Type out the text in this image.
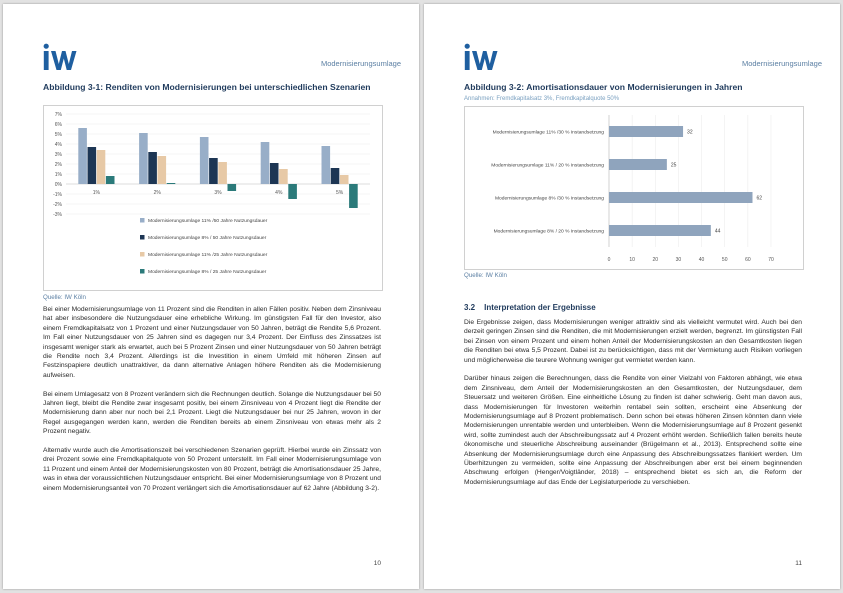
Modernisierungsumlage
Abbildung 3-1: Renditen von Modernisierungen bei unterschiedlichen Szenarien
7%
6%
5%
4%
3%
2%
1%
0%
-1%
-2%
-3%
1%	2%	3%	4%	5%
Modernisierungsumlage 11% /50 Jahre Nutzungsdauer
Modernisierungsumlage 8% / 50 Jahre Nutzungsdauer
Modernisierungsumlage 11% /25 Jahre Nutzungsdauer
Modernisierungsumlage 8% / 25 Jahre Nutzungsdauer
Quelle: IW Köln

Bei einer Modernisierungsumlage von 11 Prozent sind die Renditen in allen Fällen positiv. Neben dem Zinsniveau hat aber insbesondere die Nutzungsdauer eine erhebliche Wirkung. Im günstigsten Fall für den Investor, also einem Fremdkapitalsatz von 1 Prozent und einer Nutzungsdauer von 50 Jahren, beträgt die Rendite 5,6 Prozent. Im Fall einer Nutzungsdauer von 25 Jahren sind es dagegen nur 3,4 Prozent. Der Einfluss des Zinssatzes ist insgesamt weniger stark als erwartet, auch bei 5 Prozent Zinsen und einer Nutzungsdauer von 50 Jahren beträgt die Rendite noch 3,4 Prozent. Allerdings ist die Investition in einem Umfeld mit höheren Zinsen auf Festzinspapiere deutlich unattraktiver, da dann alternative Anlagen höhere Renditen als die Modernisierung aufweisen.

Bei einem Umlagesatz von 8 Prozent verändern sich die Rechnungen deutlich. Solange die Nutzungsdauer bei 50 Jahren liegt, bleibt die Rendite zwar insgesamt positiv, bei einem Zinsniveau von 4 Prozent liegt die Rendite der Modernisierung dann aber nur noch bei 2,1 Prozent. Liegt die Nutzungsdauer bei nur 25 Jahren, wovon in der Regel ausgegangen werden kann, werden die Renditen bereits ab einem Zinsniveau von etwas mehr als 2 Prozent negativ.

Alternativ wurde auch die Amortisationszeit bei verschiedenen Szenarien geprüft. Hierbei wurde ein Zinssatz von drei Prozent sowie eine Fremdkapitalquote von 50 Prozent unterstellt. Im Fall einer Modernisierungsumlage von 11 Prozent und einem Anteil der Modernisierungskosten von 80 Prozent, beträgt die Amortisationsdauer 25 Jahre, was in etwa der voraussichtlichen Nutzungsdauer entspricht. Bei einer Modernisierungsumlage von 8 Prozent und einem Modernisierungsanteil von 70 Prozent verlängert sich die Amortisationsdauer auf 62 Jahre (Abbildung 3-2).

10
Modernisierungsumlage
Abbildung 3-2: Amortisationsdauer von Modernisierungen in Jahren
Annahmen: Fremdkapitalsatz 3%, Fremdkapitalquote 50%
0	10	20	30	40	50	60	70
32
Modernisierungsumlage 11% /30 % Instandsetzung
25
Modernisierungsumlage 11% / 20 % Instandsetzung
62
Modernisierungsumlage 8% /30 % Instandsetzung
44
Modernisierungsumlage 8% / 20 % Instandsetzung
Quelle: IW Köln
3.2 Interpretation der Ergebnisse

Die Ergebnisse zeigen, dass Modernisierungen weniger attraktiv sind als vielleicht vermutet wird. Auch bei den derzeit geringen Zinsen sind die Renditen, die mit Modernisierungen erzielt werden, begrenzt. Im günstigsten Fall bei Zinsen von einem Prozent und einem hohen Anteil der Modernisierungskosten an den Gesamtkosten liegen die Renditen bei etwa 5,5 Prozent. Dabei ist zu berücksichtigen, dass mit der Vermietung auch Risiken vorliegen und möglicherweise die teurere Wohnung weniger gut vermietet werden kann.

Darüber hinaus zeigen die Berechnungen, dass die Rendite von einer Vielzahl von Faktoren abhängt, wie etwa dem Zinsniveau, dem Anteil der Modernisierungskosten an den Gesamtkosten, der Nutzungsdauer, dem Steuersatz und weiteren Größen. Eine einheitliche Lösung zu finden ist daher schwierig. Geht man davon aus, dass Modernisierungen für Investoren weiterhin rentabel sein sollten, erscheint eine Absenkung der Modernisierungsumlage auf 8 Prozent problematisch. Denn schon bei etwas höheren Zinsen könnten dann viele Modernisierungen unrentable werden und unterbleiben. Wenn die Modernisierungsumlage auf 8 Prozent gesenkt wird, sollte zumindest auch der Abschreibungssatz auf 4 Prozent erhöht werden. Schließlich fallen bereits heute ökonomische und steuerliche Abschreibung auseinander (Brügelmann et al., 2013). Entsprechend sollte eine Absenkung der Modernisierungsumlage durch eine Anpassung des Abschreibungssatzes flankiert werden. Um Überhitzungen zu vermeiden, sollte eine Anpassung der Abschreibungen aber erst bei einem beginnenden Abschwung erfolgen (Henger/Voigtländer, 2018) – entsprechend bietet es sich an, die Reform der Modernisierungsumlage auf das Ende der Legislaturperiode zu verschieben.

11
